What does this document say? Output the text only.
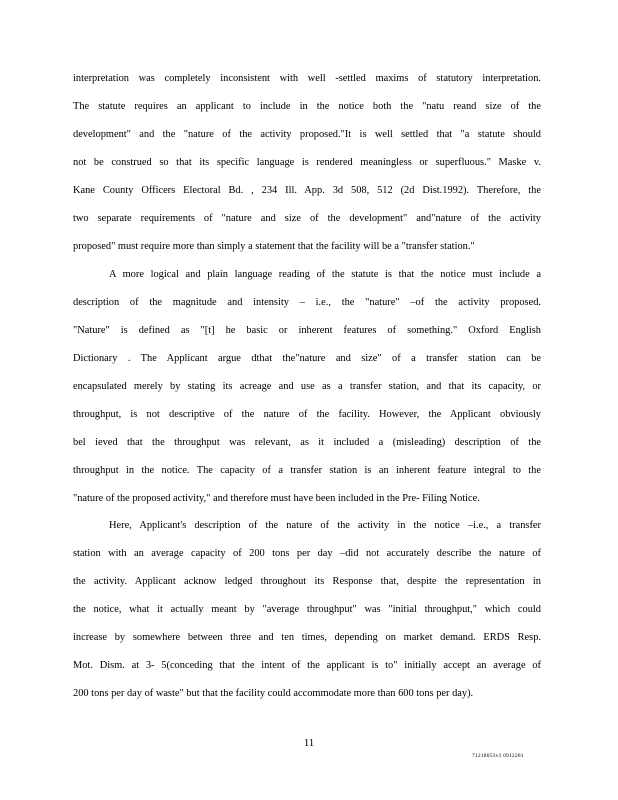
interpretation was completely inconsistent with well -settled maxims of statutory interpretation.
The statute requires an applicant to include in the notice both the "natu reand size of the
development" and the "nature of the activity proposed."It is well settled that "a statute should
not be construed so that its specific language is rendered meaningless or superfluous." Maske v.
Kane County Officers Electoral Bd. , 234 Ill. App. 3d 508, 512 (2d Dist.1992). Therefore, the
two separate requirements of "nature and size of the development" and"nature of the activity
proposed" must require more than simply a statement that the facility will be a "transfer station."
A more logical and plain language reading of the statute is that the notice must include a
description of the magnitude and intensity – i.e., the "nature" –of the activity proposed.
"Nature" is defined as "[t] he basic or inherent features of something." Oxford English
Dictionary . The Applicant argue dthat the"nature and size" of a transfer station can be
encapsulated merely by stating its acreage and use as a transfer station, and that its capacity, or
throughput, is not descriptive of the nature of the facility. However, the Applicant obviously
bel ieved that the throughput was relevant, as it included a (misleading) description of the
throughput in the notice. The capacity of a transfer station is an inherent feature integral to the
"nature of the proposed activity," and therefore must have been included in the Pre- Filing Notice.
Here, Applicant's description of the nature of the activity in the notice –i.e., a transfer
station with an average capacity of 200 tons per day –did not accurately describe the nature of
the activity. Applicant acknow ledged throughout its Response that, despite the representation in
the notice, what it actually meant by "average throughput" was "initial throughput," which could
increase by somewhere between three and ten times, depending on market demand. ERDS Resp.
Mot. Dism. at 3- 5(conceding that the intent of the applicant is to" initially accept an average of
200 tons per day of waste" but that the facility could accommodate more than 600 tons per day).
11
71218053v3 0912281
